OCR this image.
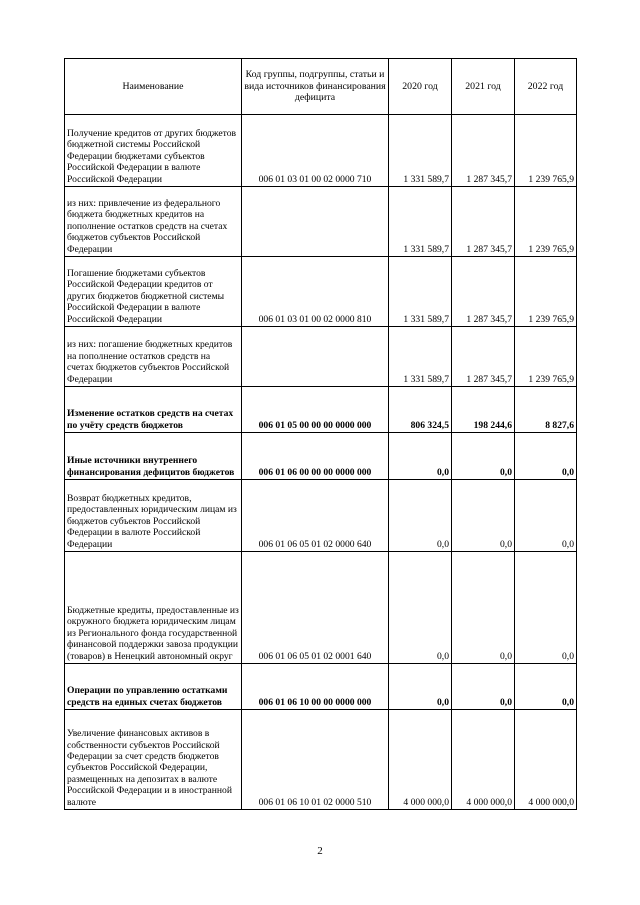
Наименование	Код группы, подгруппы, статьи и вида источников финансирования дефицита	2020 год	2021 год	2022 год
Получение кредитов от других бюджетов бюджетной системы Российской Федерации бюджетами субъектов Российской Федерации в валюте Российской Федерации	006 01 03 01 00 02 0000 710	1 331 589,7	1 287 345,7	1 239 765,9
из них: привлечение из федерального бюджета бюджетных кредитов на пополнение остатков средств на счетах бюджетов субъектов Российской Федерации		1 331 589,7	1 287 345,7	1 239 765,9
Погашение бюджетами субъектов Российской Федерации кредитов от других бюджетов бюджетной системы Российской Федерации в валюте Российской Федерации	006 01 03 01 00 02 0000 810	1 331 589,7	1 287 345,7	1 239 765,9
из них: погашение бюджетных кредитов на пополнение остатков средств на счетах бюджетов субъектов Российской Федерации		1 331 589,7	1 287 345,7	1 239 765,9
Изменение остатков средств на счетах по учёту средств бюджетов	006 01 05 00 00 00 0000 000	806 324,5	198 244,6	8 827,6
Иные источники внутреннего финансирования дефицитов бюджетов	006 01 06 00 00 00 0000 000	0,0	0,0	0,0
Возврат бюджетных кредитов, предоставленных юридическим лицам из бюджетов субъектов Российской Федерации в валюте Российской Федерации	006 01 06 05 01 02 0000 640	0,0	0,0	0,0
Бюджетные кредиты, предоставленные из окружного бюджета юридическим лицам из Регионального фонда государственной финансовой поддержки завоза продукции (товаров) в Ненецкий автономный округ	006 01 06 05 01 02 0001 640	0,0	0,0	0,0
Операции по управлению остатками средств на единых счетах бюджетов	006 01 06 10 00 00 0000 000	0,0	0,0	0,0
Увеличение финансовых активов в собственности субъектов Российской Федерации за счет средств бюджетов субъектов Российской Федерации, размещенных на депозитах в валюте Российской Федерации и в иностранной валюте	006 01 06 10 01 02 0000 510	4 000 000,0	4 000 000,0	4 000 000,0
2
